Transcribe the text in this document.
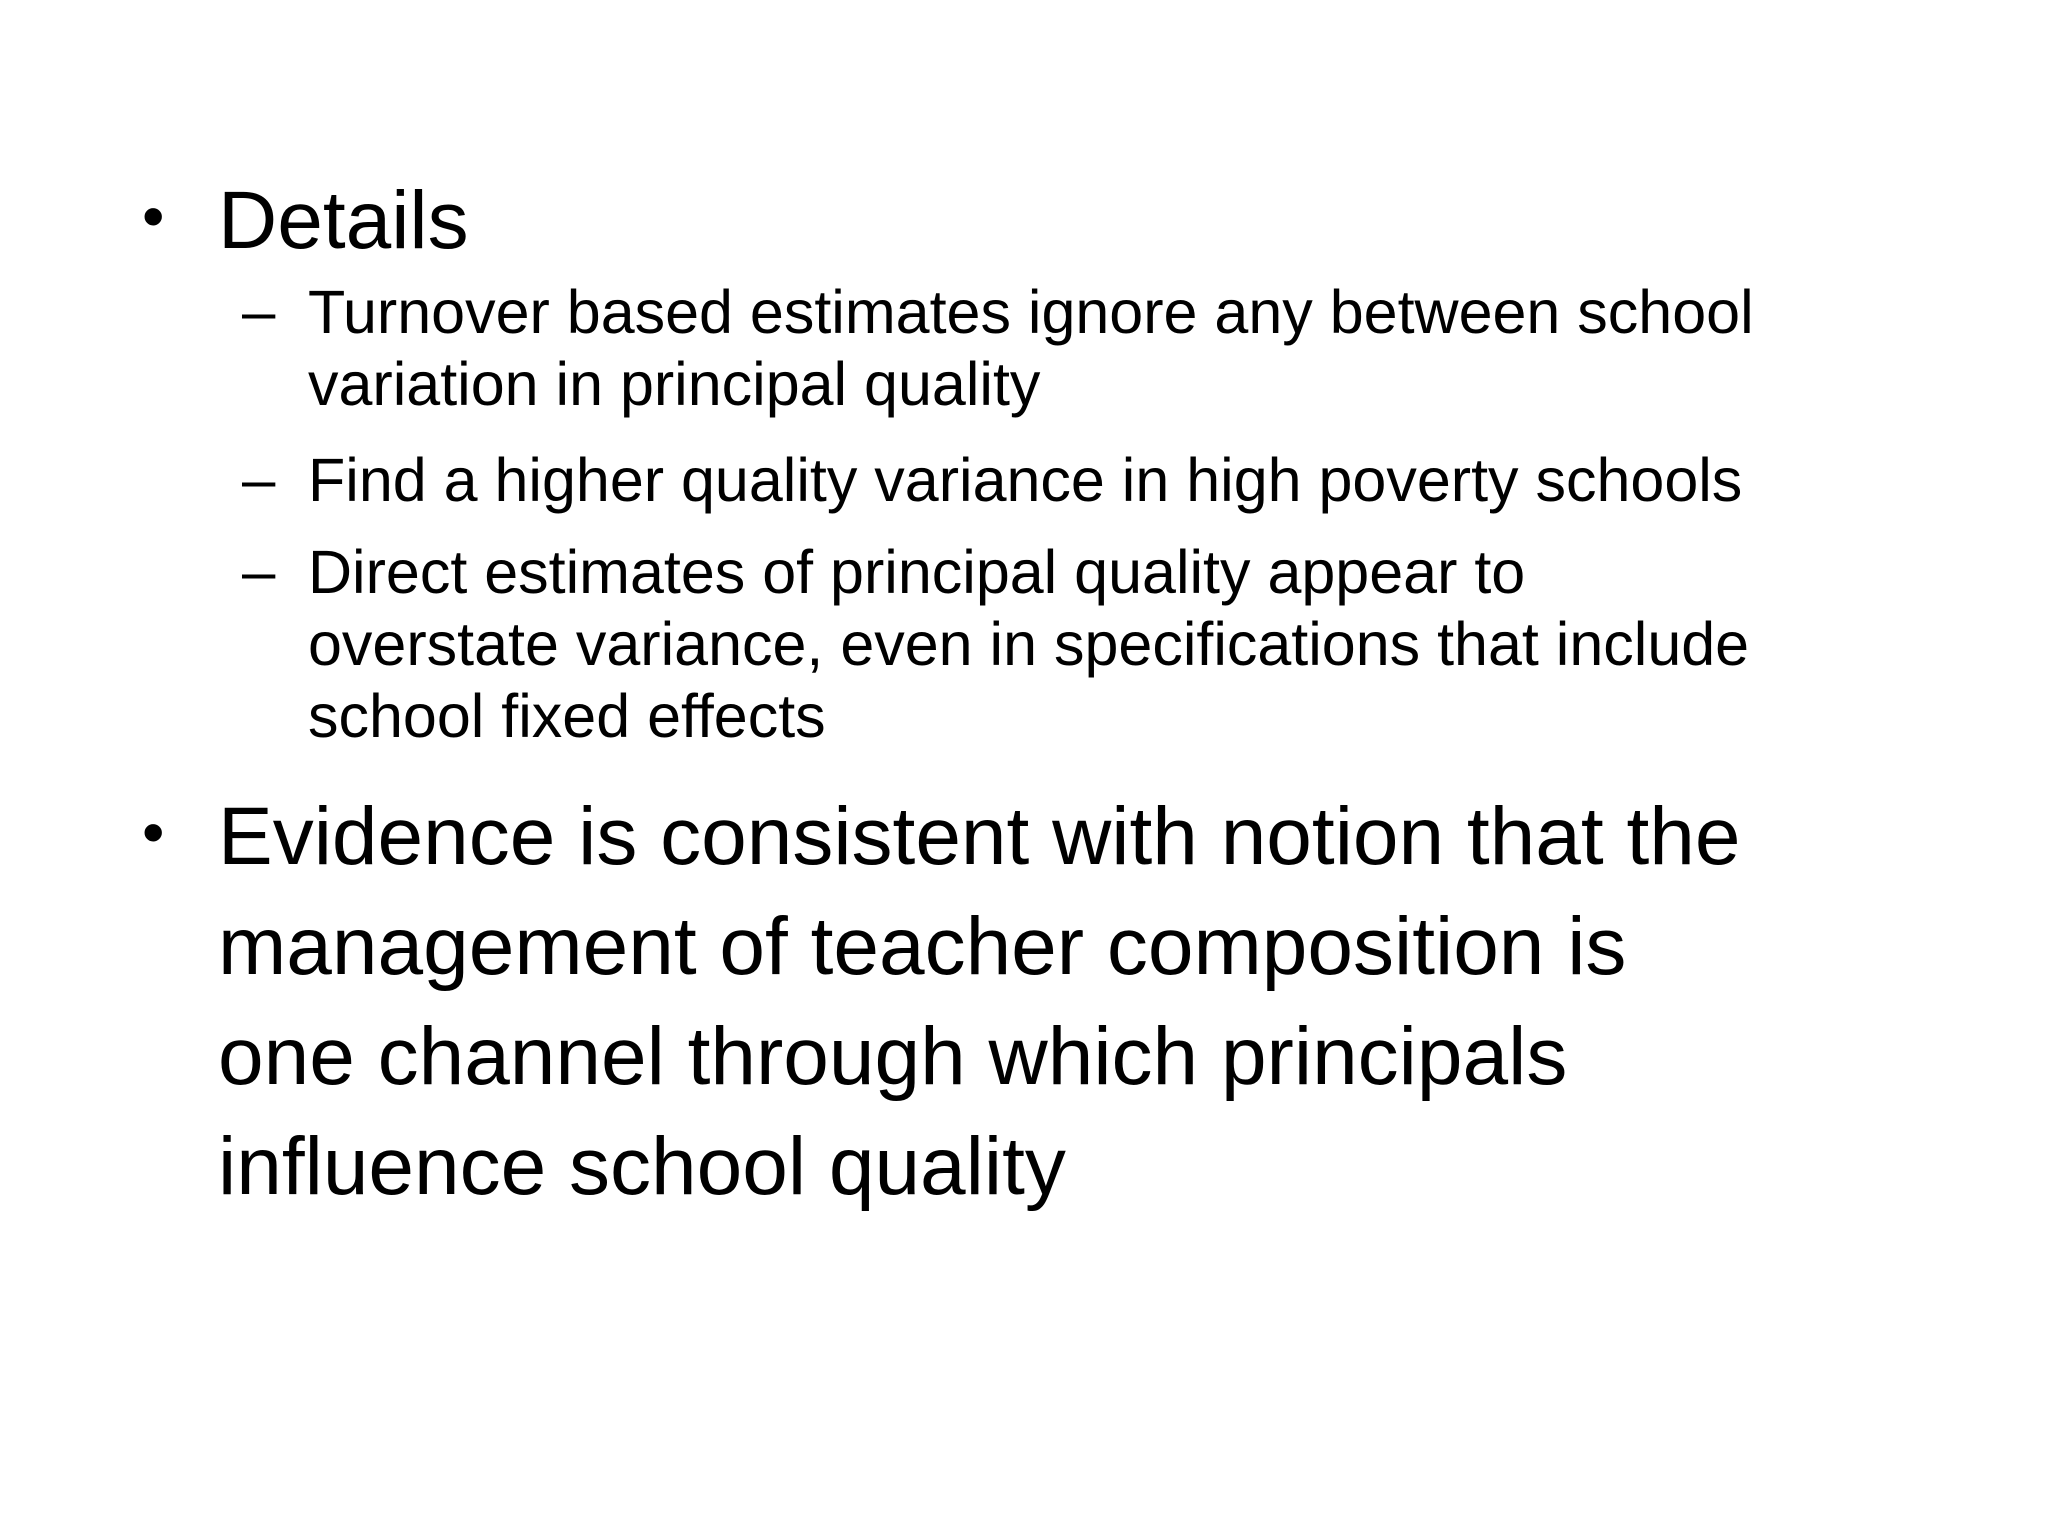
• Details
– Turnover based estimates ignore any between school
variation in principal quality
– Find a higher quality variance in high poverty schools
– Direct estimates of principal quality appear to
overstate variance, even in specifications that include
school fixed effects
• Evidence is consistent with notion that the
management of teacher composition is
one channel through which principals
influence school quality
